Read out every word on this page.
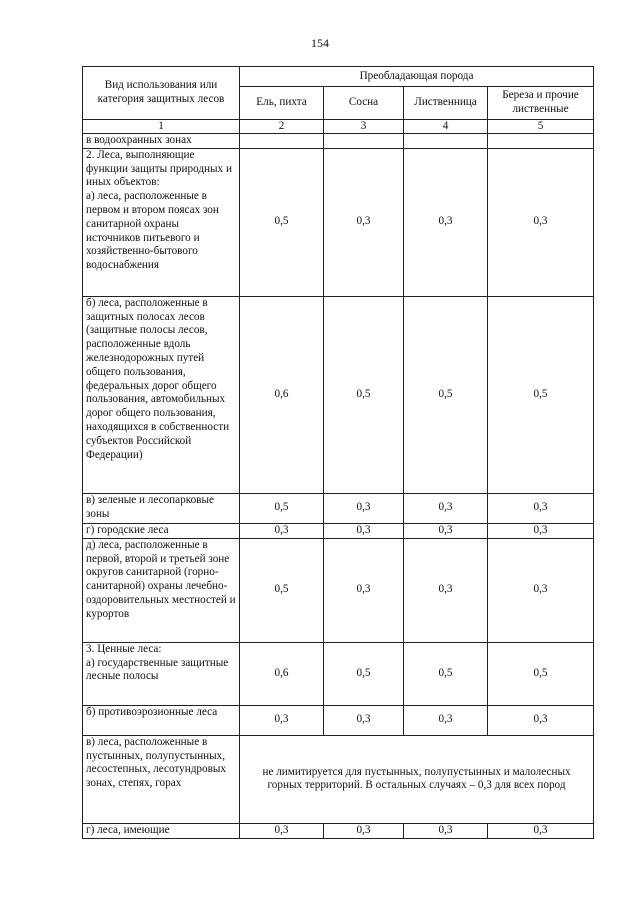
154
Вид использования или категория защитных лесов	Преобладающая порода			
	Ель, пихта	Сосна	Лиственница	Береза и прочие лиственные
1	2	3	4	5
в водоохранных зонах				
2. Леса, выполняющие функции защиты природных и иных объектов:
а) леса, расположенные в первом и втором поясах зон санитарной охраны источников питьевого и хозяйственно-бытового водоснабжения	0,5	0,3	0,3	0,3
б) леса, расположенные в защитных полосах лесов (защитные полосы лесов, расположенные вдоль железнодорожных путей общего пользования, федеральных дорог общего пользования, автомобильных дорог общего пользования, находящихся в собственности субъектов Российской Федерации)	0,6	0,5	0,5	0,5
в) зеленые и лесопарковые зоны	0,5	0,3	0,3	0,3
г) городские леса	0,3	0,3	0,3	0,3
д) леса, расположенные в первой, второй и третьей зоне округов санитарной (горно-санитарной) охраны лечебно-оздоровительных местностей и курортов	0,5	0,3	0,3	0,3
3. Ценные леса:
а) государственные защитные лесные полосы	0,6	0,5	0,5	0,5
б) противоэрозионные леса	0,3	0,3	0,3	0,3
в) леса, расположенные в пустынных, полупустынных, лесостепных, лесотундровых зонах, степях, горах	не лимитируется для пустынных, полупустынных и малолесных горных территорий. В остальных случаях – 0,3 для всех пород			
г) леса, имеющие	0,3	0,3	0,3	0,3
